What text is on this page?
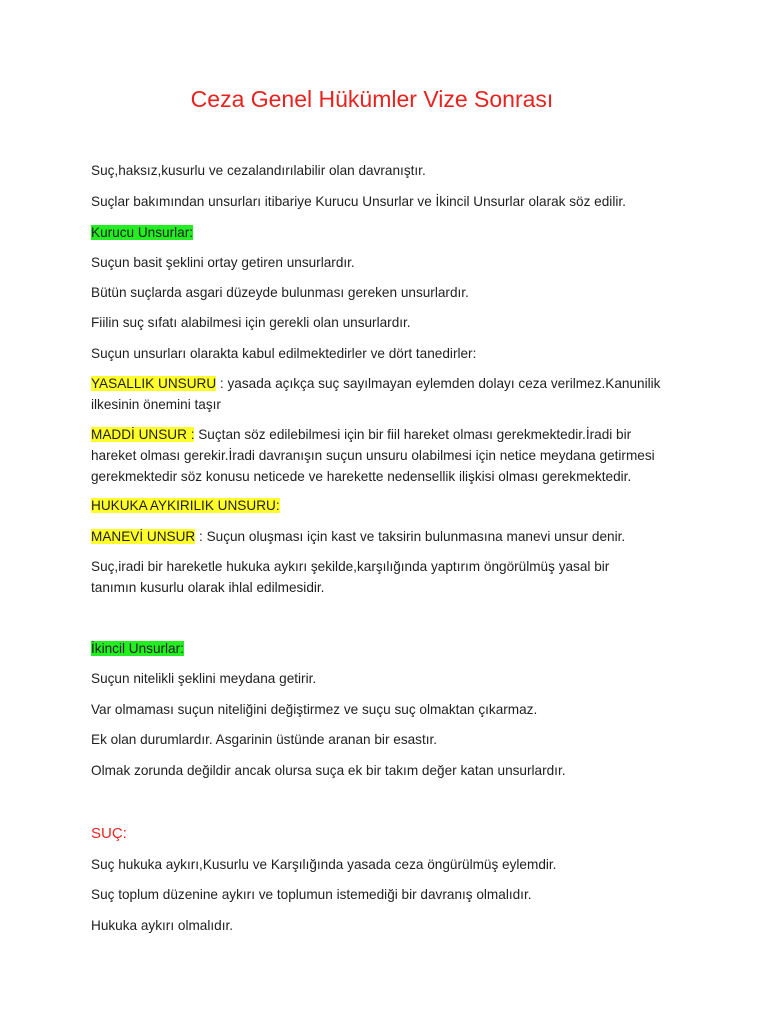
Ceza Genel Hükümler Vize Sonrası

Suç,haksız,kusurlu ve cezalandırılabilir olan davranıştır.

Suçlar bakımından unsurları itibariye Kurucu Unsurlar ve İkincil Unsurlar olarak söz edilir.

Kurucu Unsurlar:

Suçun basit şeklini ortay getiren unsurlardır.

Bütün suçlarda asgari düzeyde bulunması gereken unsurlardır.

Fiilin suç sıfatı alabilmesi için gerekli olan unsurlardır.

Suçun unsurları olarakta kabul edilmektedirler ve dört tanedirler:

YASALLIK UNSURU : yasada açıkça suç sayılmayan eylemden dolayı ceza verilmez.Kanunilik
ilkesinin önemini taşır

MADDİ UNSUR : Suçtan söz edilebilmesi için bir fiil hareket olması gerekmektedir.İradi bir
hareket olması gerekir.İradi davranışın suçun unsuru olabilmesi için netice meydana getirmesi
gerekmektedir söz konusu neticede ve harekette nedensellik ilişkisi olması gerekmektedir.

HUKUKA AYKIRILIK UNSURU:

MANEVİ UNSUR : Suçun oluşması için kast ve taksirin bulunmasına manevi unsur denir.

Suç,iradi bir hareketle hukuka aykırı şekilde,karşılığında yaptırım öngörülmüş yasal bir
tanımın kusurlu olarak ihlal edilmesidir.

İkincil Unsurlar:

Suçun nitelikli şeklini meydana getirir.

Var olmaması suçun niteliğini değiştirmez ve suçu suç olmaktan çıkarmaz.

Ek olan durumlardır. Asgarinin üstünde aranan bir esastır.

Olmak zorunda değildir ancak olursa suça ek bir takım değer katan unsurlardır.

SUÇ:

Suç hukuka aykırı,Kusurlu ve Karşılığında yasada ceza öngürülmüş eylemdir.

Suç toplum düzenine aykırı ve toplumun istemediği bir davranış olmalıdır.

Hukuka aykırı olmalıdır.
